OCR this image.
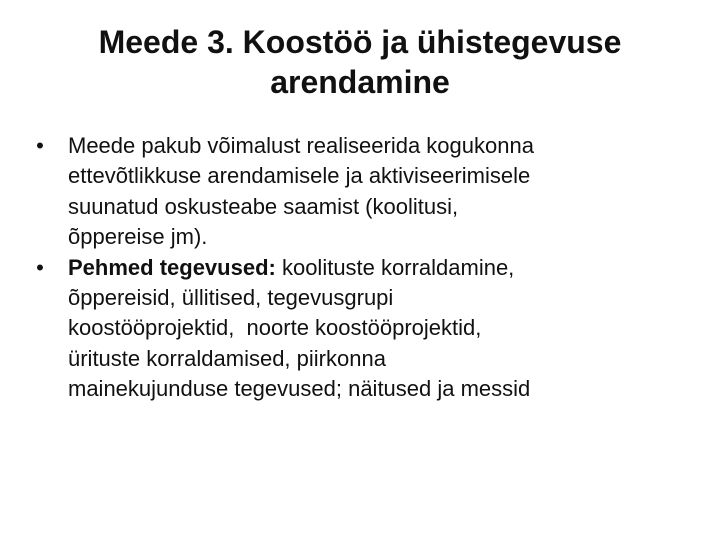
Meede 3. Koostöö ja ühistegevuse
arendamine
• Meede pakub võimalust realiseerida kogukonna
ettevõtlikkuse arendamisele ja aktiviseerimisele
suunatud oskusteabe saamist (koolitusi,
õppereise jm).
• Pehmed tegevused: koolituste korraldamine,
õppereisid, üllitised, tegevusgrupi
koostööprojektid,  noorte koostööprojektid,
ürituste korraldamised, piirkonna
mainekujunduse tegevused; näitused ja messid
